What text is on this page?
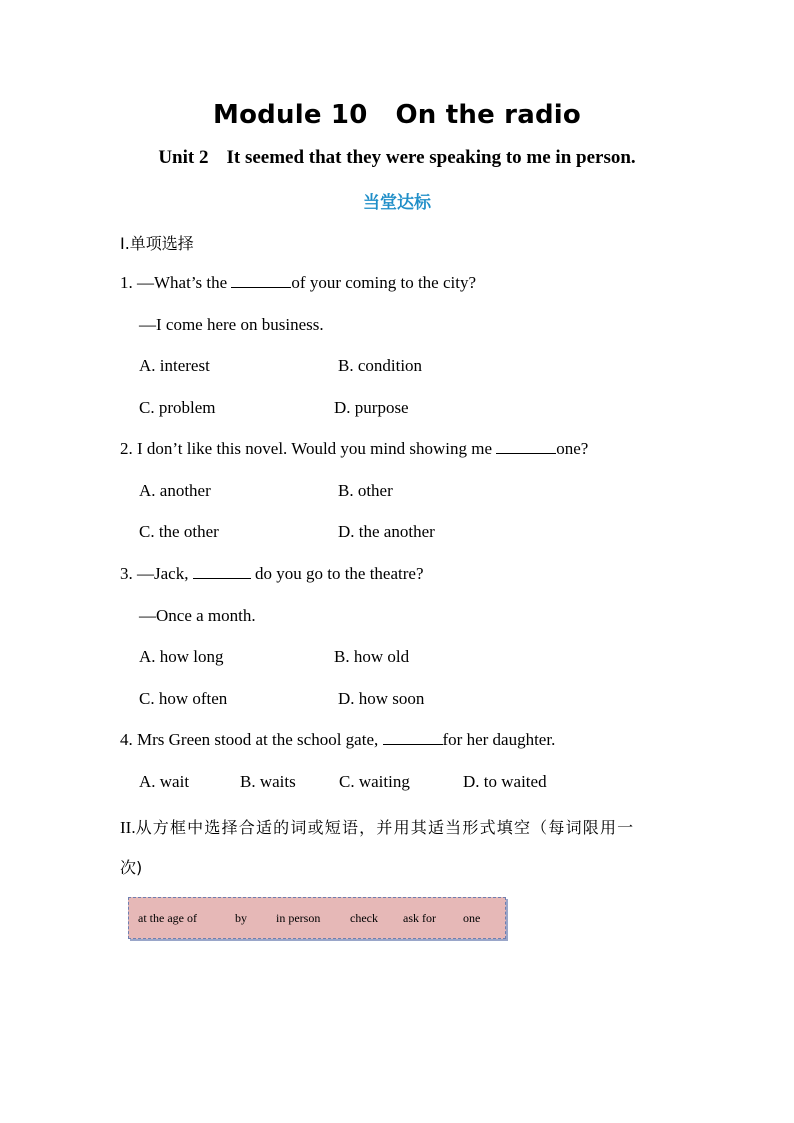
Module 10 On the radio
Unit 2 It seemed that they were speaking to me in person.
当堂达标
I.单项选择
1. —What’s the	of your coming to the city?
—I come here on business.
A. interest	B. condition
C. problem	D. purpose
2. I don’t like this novel. Would you mind showing me	one?
A. another	B. other
C. the other	D. the another
3. —Jack,	do you go to the theatre?
—Once a month.
A. how long	B. how old
C. how often	D. how soon
4. Mrs Green stood at the school gate,	for her daughter.
A. wait	B. waits	C. waiting	D. to waited
II.从方框中选择合适的词或短语，并用其适当形式填空（每词限用一
次)
at the age of	by in person check ask for one
